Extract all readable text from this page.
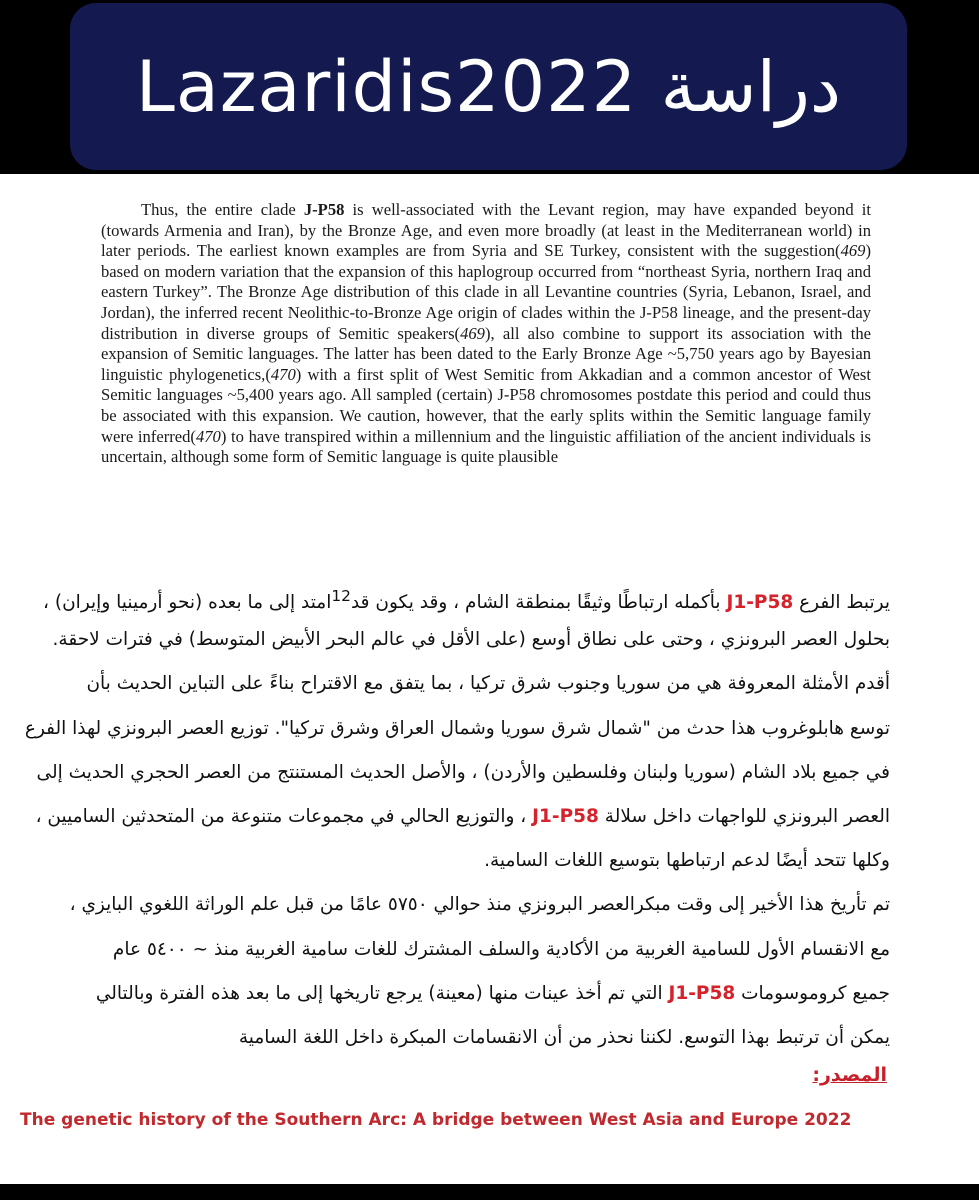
Lazaridis2022 دراسة

Thus, the entire clade J-P58 is well-associated with the Levant region, may have expanded beyond it (towards Armenia and Iran), by the Bronze Age, and even more broadly (at least in the Mediterranean world) in later periods. The earliest known examples are from Syria and SE Turkey, consistent with the suggestion(469) based on modern variation that the expansion of this haplogroup occurred from “northeast Syria, northern Iraq and eastern Turkey”. The Bronze Age distribution of this clade in all Levantine countries (Syria, Lebanon, Israel, and Jordan), the inferred recent Neolithic-to-Bronze Age origin of clades within the J-P58 lineage, and the present-day distribution in diverse groups of Semitic speakers(469), all also combine to support its association with the expansion of Semitic languages. The latter has been dated to the Early Bronze Age ~5,750 years ago by Bayesian linguistic phylogenetics,(470) with a first split of West Semitic from Akkadian and a common ancestor of West Semitic languages ~5,400 years ago. All sampled (certain) J-P58 chromosomes postdate this period and could thus be associated with this expansion. We caution, however, that the early splits within the Semitic language family were inferred(470) to have transpired within a millennium and the linguistic affiliation of the ancient individuals is uncertain, although some form of Semitic language is quite plausible

يرتبط الفرع J1-P58 بأكمله ارتباطًا وثيقًا بمنطقة الشام ، وقد يكون قد$^{12}$امتد إلى ما بعده (نحو أرمينيا وإيران) ،
بحلول العصر البرونزي ، وحتى على نطاق أوسع (على الأقل في عالم البحر الأبيض المتوسط) في فترات لاحقة.
أقدم الأمثلة المعروفة هي من سوريا وجنوب شرق تركيا ، بما يتفق مع الاقتراح بناءً على التباين الحديث بأن
توسع هابلوغروب هذا حدث من "شمال شرق سوريا وشمال العراق وشرق تركيا". توزيع العصر البرونزي لهذا الفرع
في جميع بلاد الشام (سوريا ولبنان وفلسطين والأردن) ، والأصل الحديث المستنتج من العصر الحجري الحديث إلى
العصر البرونزي للواجهات داخل سلالة J1-P58 ، والتوزيع الحالي في مجموعات متنوعة من المتحدثين الساميين ،
وكلها تتحد أيضًا لدعم ارتباطها بتوسيع اللغات السامية.
تم تأريخ هذا الأخير إلى وقت مبكرالعصر البرونزي منذ حوالي ٥٧٥٠ عامًا من قبل علم الوراثة اللغوي البايزي ،
مع الانقسام الأول للسامية الغربية من الأكادية والسلف المشترك للغات سامية الغربية منذ ~ ٥٤٠٠ عام
جميع كروموسومات J1-P58 التي تم أخذ عينات منها (معينة) يرجع تاريخها إلى ما بعد هذه الفترة وبالتالي
يمكن أن ترتبط بهذا التوسع. لكننا نحذر من أن الانقسامات المبكرة داخل اللغة السامية
المصدر:
The genetic history of the Southern Arc: A bridge between West Asia and Europe 2022
